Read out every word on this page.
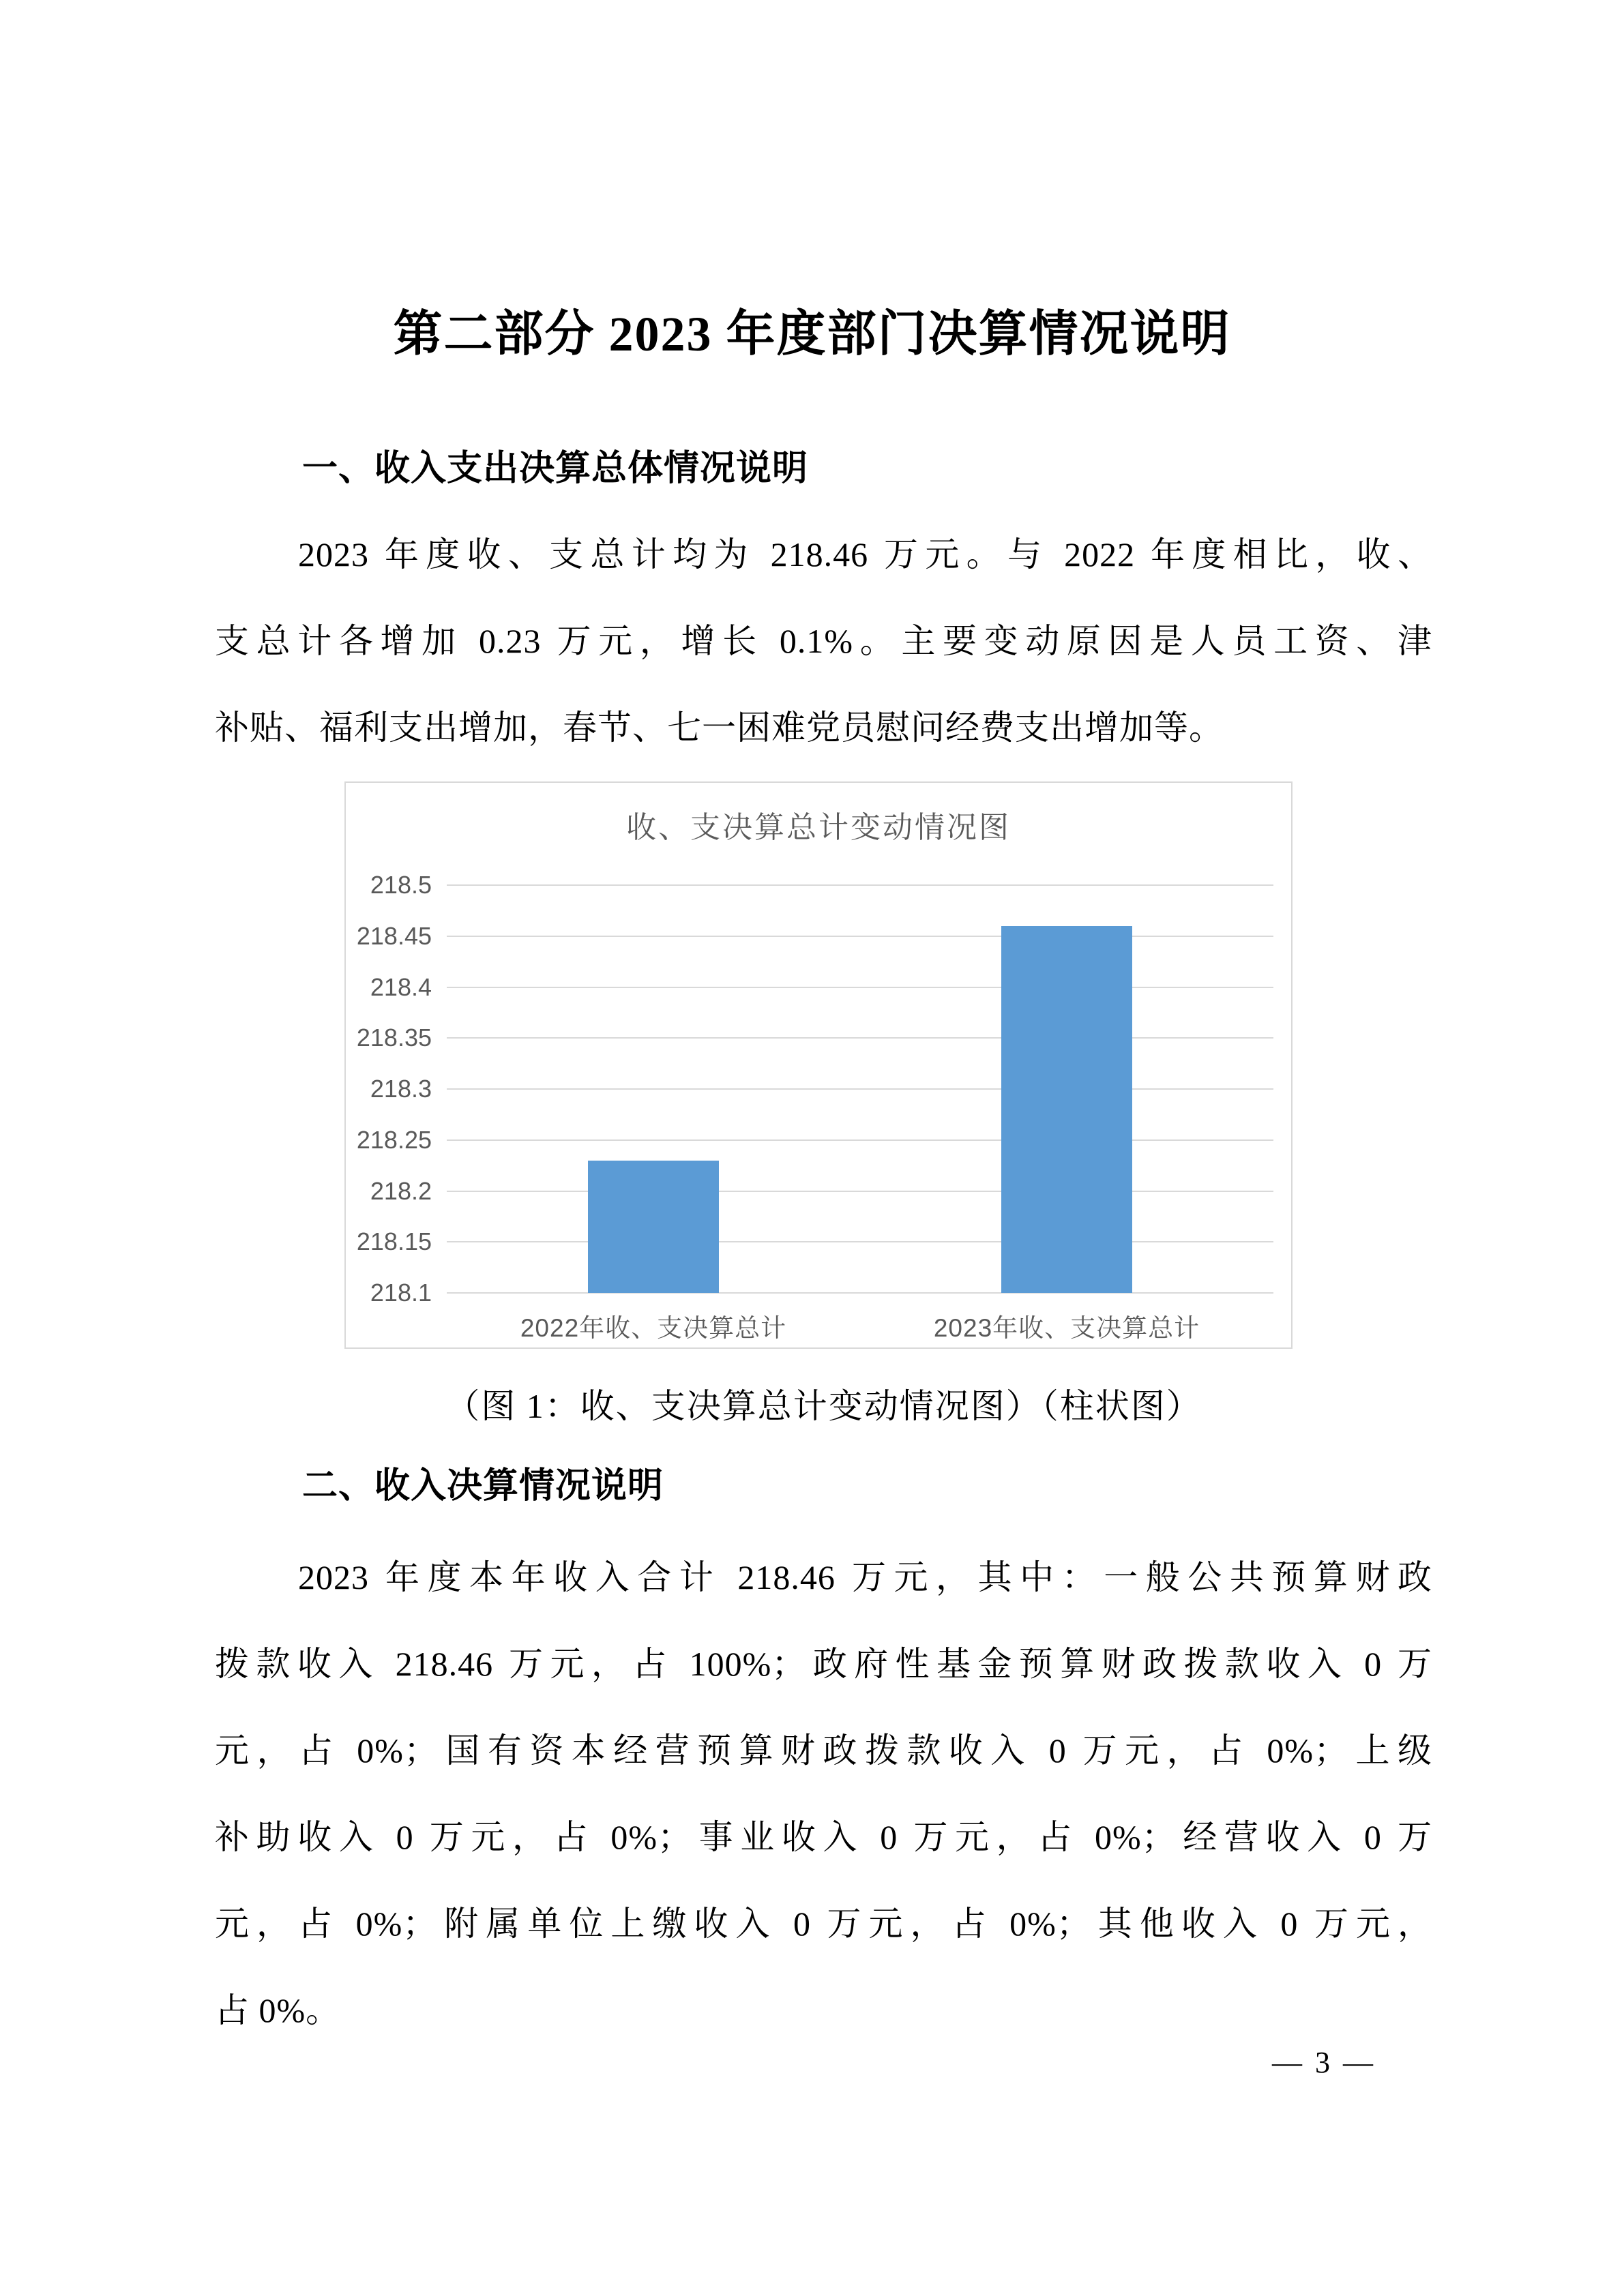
第二部分 2023 年度部门决算情况说明
一、收入支出决算总体情况说明
2023 年度收、支总计均为 218.46 万元。与 2022 年度相比，收、
支总计各增加 0.23 万元，增长 0.1%。主要变动原因是人员工资、津
补贴、福利支出增加，春节、七一困难党员慰问经费支出增加等。
收、支决算总计变动情况图
218.5
218.45
218.4
218.35
218.3
218.25
218.2
218.15
218.1
2022年收、支决算总计	2023年收、支决算总计
（图 1：收、支决算总计变动情况图）（柱状图）
二、收入决算情况说明
2023 年度本年收入合计 218.46 万元，其中：一般公共预算财政
拨款收入 218.46 万元，占 100%；政府性基金预算财政拨款收入 0 万
元，占 0%；国有资本经营预算财政拨款收入 0 万元，占 0%；上级
补助收入 0 万元，占 0%；事业收入 0 万元，占 0%；经营收入 0 万
元，占 0%；附属单位上缴收入 0 万元，占 0%；其他收入 0 万元，
占 0%。
— 3 —
